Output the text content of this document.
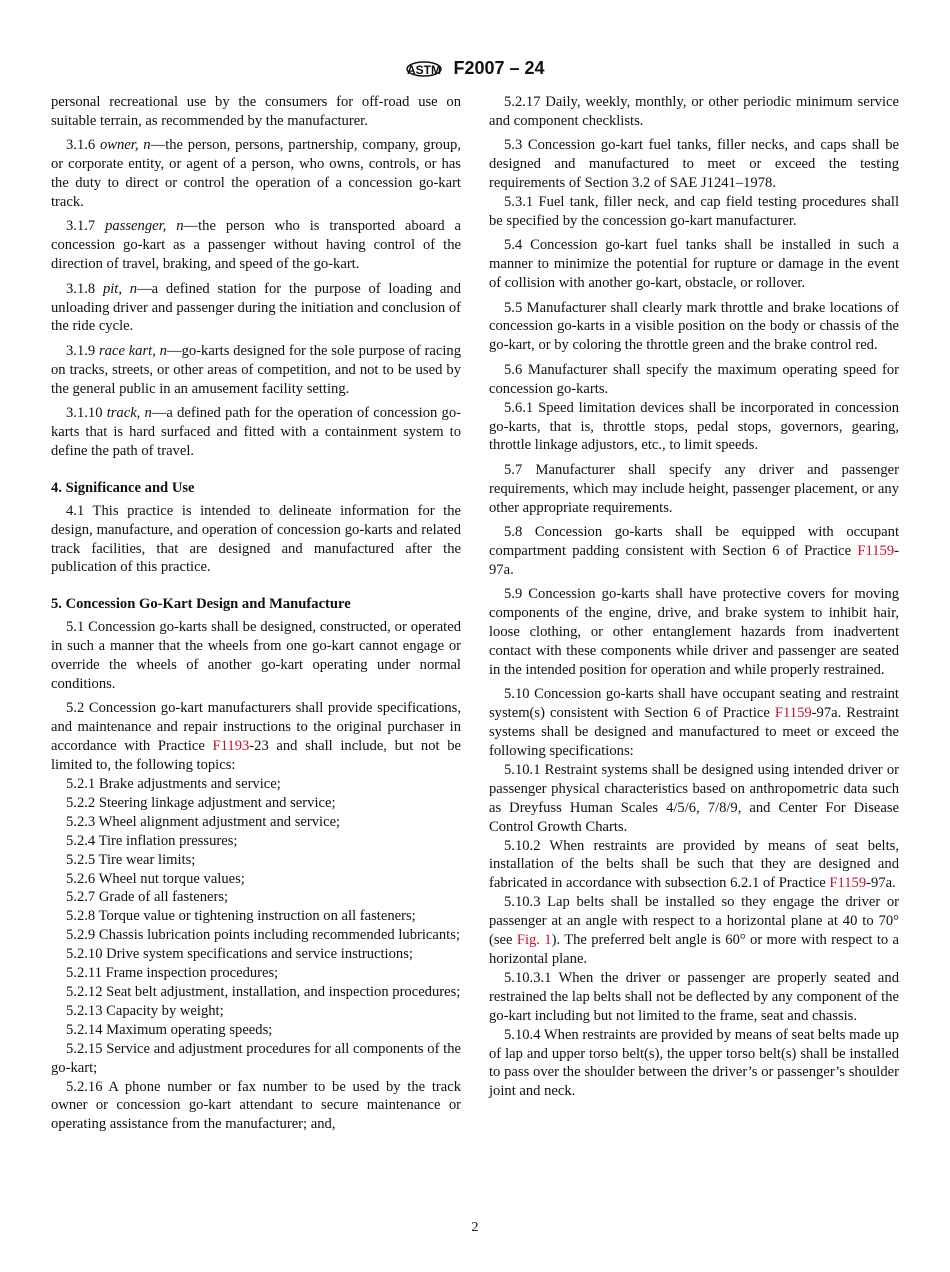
ASTM F2007 – 24
personal recreational use by the consumers for off-road use on suitable terrain, as recommended by the manufacturer.
3.1.6 owner, n—the person, persons, partnership, company, group, or corporate entity, or agent of a person, who owns, controls, or has the duty to direct or control the operation of a concession go-kart track.
3.1.7 passenger, n—the person who is transported aboard a concession go-kart as a passenger without having control of the direction of travel, braking, and speed of the go-kart.
3.1.8 pit, n—a defined station for the purpose of loading and unloading driver and passenger during the initiation and conclusion of the ride cycle.
3.1.9 race kart, n—go-karts designed for the sole purpose of racing on tracks, streets, or other areas of competition, and not to be used by the general public in an amusement facility setting.
3.1.10 track, n—a defined path for the operation of concession go-karts that is hard surfaced and fitted with a containment system to define the path of travel.
4. Significance and Use
4.1 This practice is intended to delineate information for the design, manufacture, and operation of concession go-karts and related track facilities, that are designed and manufactured after the publication of this practice.
5. Concession Go-Kart Design and Manufacture
5.1 Concession go-karts shall be designed, constructed, or operated in such a manner that the wheels from one go-kart cannot engage or override the wheels of another go-kart operating under normal conditions.
5.2 Concession go-kart manufacturers shall provide specifications, and maintenance and repair instructions to the original purchaser in accordance with Practice F1193-23 and shall include, but not be limited to, the following topics:
5.2.1 Brake adjustments and service;
5.2.2 Steering linkage adjustment and service;
5.2.3 Wheel alignment adjustment and service;
5.2.4 Tire inflation pressures;
5.2.5 Tire wear limits;
5.2.6 Wheel nut torque values;
5.2.7 Grade of all fasteners;
5.2.8 Torque value or tightening instruction on all fasteners;
5.2.9 Chassis lubrication points including recommended lubricants;
5.2.10 Drive system specifications and service instructions;
5.2.11 Frame inspection procedures;
5.2.12 Seat belt adjustment, installation, and inspection procedures;
5.2.13 Capacity by weight;
5.2.14 Maximum operating speeds;
5.2.15 Service and adjustment procedures for all components of the go-kart;
5.2.16 A phone number or fax number to be used by the track owner or concession go-kart attendant to secure maintenance or operating assistance from the manufacturer; and,
5.2.17 Daily, weekly, monthly, or other periodic minimum service and component checklists.
5.3 Concession go-kart fuel tanks, filler necks, and caps shall be designed and manufactured to meet or exceed the testing requirements of Section 3.2 of SAE J1241–1978.
5.3.1 Fuel tank, filler neck, and cap field testing procedures shall be specified by the concession go-kart manufacturer.
5.4 Concession go-kart fuel tanks shall be installed in such a manner to minimize the potential for rupture or damage in the event of collision with another go-kart, obstacle, or rollover.
5.5 Manufacturer shall clearly mark throttle and brake locations of concession go-karts in a visible position on the body or chassis of the go-kart, or by coloring the throttle green and the brake control red.
5.6 Manufacturer shall specify the maximum operating speed for concession go-karts.
5.6.1 Speed limitation devices shall be incorporated in concession go-karts, that is, throttle stops, pedal stops, governors, gearing, throttle linkage adjustors, etc., to limit speeds.
5.7 Manufacturer shall specify any driver and passenger requirements, which may include height, passenger placement, or any other appropriate requirements.
5.8 Concession go-karts shall be equipped with occupant compartment padding consistent with Section 6 of Practice F1159-97a.
5.9 Concession go-karts shall have protective covers for moving components of the engine, drive, and brake system to inhibit hair, loose clothing, or other entanglement hazards from inadvertent contact with these components while driver and passenger are seated in the intended position for operation and while properly restrained.
5.10 Concession go-karts shall have occupant seating and restraint system(s) consistent with Section 6 of Practice F1159-97a. Restraint systems shall be designed and manufactured to meet or exceed the following specifications:
5.10.1 Restraint systems shall be designed using intended driver or passenger physical characteristics based on anthropometric data such as Dreyfuss Human Scales 4/5/6, 7/8/9, and Center For Disease Control Growth Charts.
5.10.2 When restraints are provided by means of seat belts, installation of the belts shall be such that they are designed and fabricated in accordance with subsection 6.2.1 of Practice F1159-97a.
5.10.3 Lap belts shall be installed so they engage the driver or passenger at an angle with respect to a horizontal plane at 40 to 70° (see Fig. 1). The preferred belt angle is 60° or more with respect to a horizontal plane.
5.10.3.1 When the driver or passenger are properly seated and restrained the lap belts shall not be deflected by any component of the go-kart including but not limited to the frame, seat and chassis.
5.10.4 When restraints are provided by means of seat belts made up of lap and upper torso belt(s), the upper torso belt(s) shall be installed to pass over the shoulder between the driver’s or passenger’s shoulder joint and neck.
2
